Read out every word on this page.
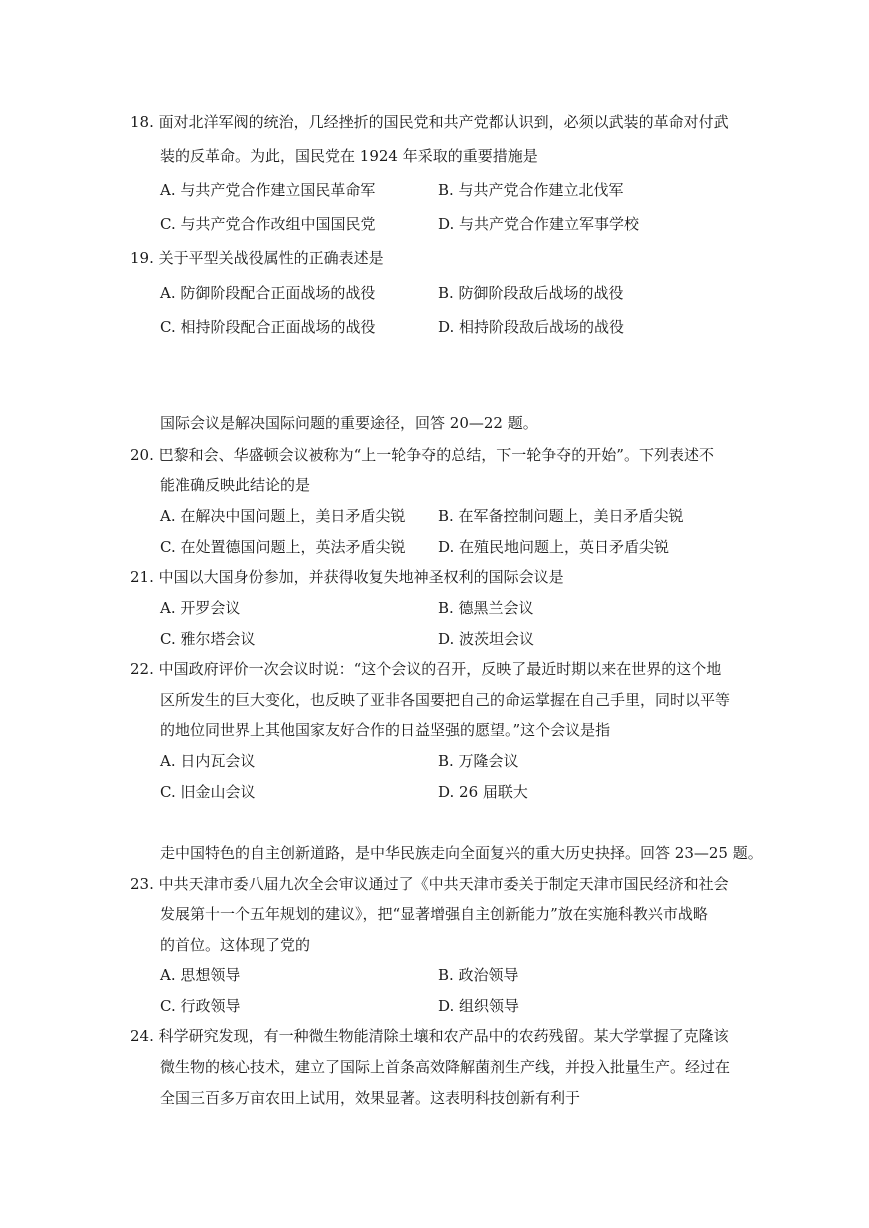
18. 面对北洋军阀的统治，几经挫折的国民党和共产党都认识到，必须以武装的革命对付武
装的反革命。为此，国民党在 1924 年采取的重要措施是
A. 与共产党合作建立国民革命军	B. 与共产党合作建立北伐军
C. 与共产党合作改组中国国民党	D. 与共产党合作建立军事学校
19. 关于平型关战役属性的正确表述是
A. 防御阶段配合正面战场的战役	B. 防御阶段敌后战场的战役
C. 相持阶段配合正面战场的战役	D. 相持阶段敌后战场的战役
国际会议是解决国际问题的重要途径，回答 20—22 题。
20. 巴黎和会、华盛顿会议被称为“上一轮争夺的总结，下一轮争夺的开始”。下列表述不
能准确反映此结论的是
A. 在解决中国问题上，美日矛盾尖锐 B. 在军备控制问题上，美日矛盾尖锐
C. 在处置德国问题上，英法矛盾尖锐 D. 在殖民地问题上，英日矛盾尖锐
21. 中国以大国身份参加，并获得收复失地神圣权利的国际会议是
A. 开罗会议	B. 德黑兰会议
C. 雅尔塔会议	D. 波茨坦会议
22. 中国政府评价一次会议时说：“这个会议的召开，反映了最近时期以来在世界的这个地
区所发生的巨大变化，也反映了亚非各国要把自己的命运掌握在自己手里，同时以平等
的地位同世界上其他国家友好合作的日益坚强的愿望。”这个会议是指
A. 日内瓦会议	B. 万隆会议
C. 旧金山会议	D. 26 届联大
走中国特色的自主创新道路，是中华民族走向全面复兴的重大历史抉择。回答 23—25 题。
23. 中共天津市委八届九次全会审议通过了《中共天津市委关于制定天津市国民经济和社会
发展第十一个五年规划的建议》，把“显著增强自主创新能力”放在实施科教兴市战略
的首位。这体现了党的
A. 思想领导	B. 政治领导
C. 行政领导	D. 组织领导
24. 科学研究发现，有一种微生物能清除土壤和农产品中的农药残留。某大学掌握了克隆该
微生物的核心技术，建立了国际上首条高效降解菌剂生产线，并投入批量生产。经过在
全国三百多万亩农田上试用，效果显著。这表明科技创新有利于
